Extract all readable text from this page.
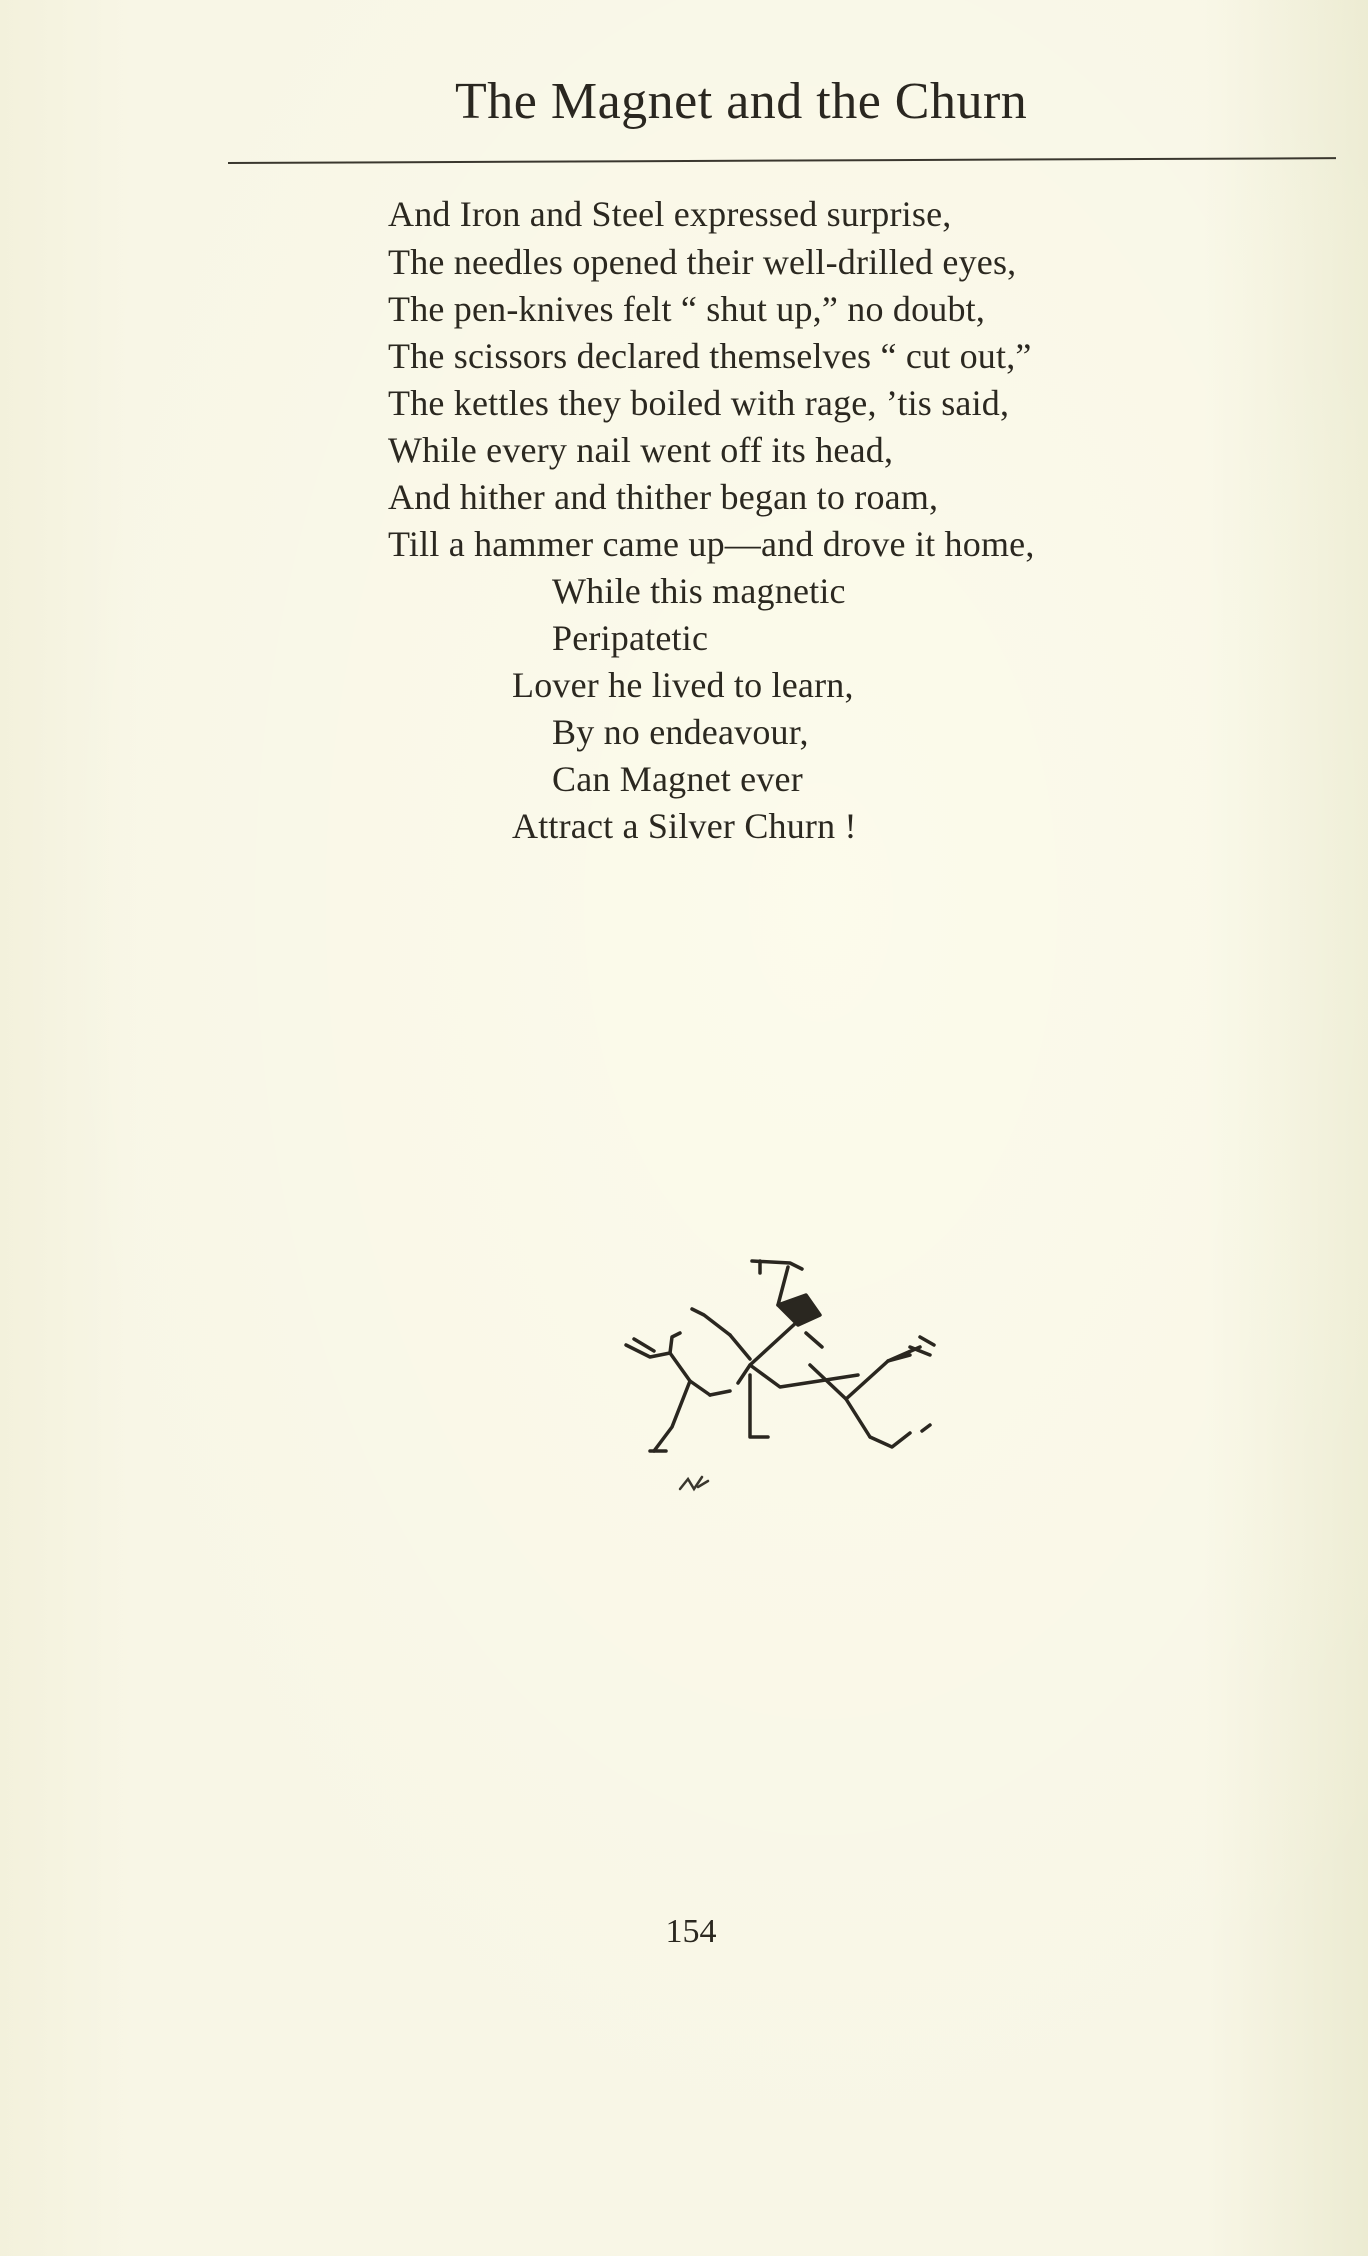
The Magnet and the Churn
And Iron and Steel expressed surprise,
The needles opened their well-drilled eyes,
The pen-knives felt “ shut up,” no doubt,
The scissors declared themselves “ cut out,”
The kettles they boiled with rage, ’tis said,
While every nail went off its head,
And hither and thither began to roam,
Till a hammer came up—and drove it home,
While this magnetic
Peripatetic
Lover he lived to learn,
By no endeavour,
Can Magnet ever
Attract a Silver Churn !
154
